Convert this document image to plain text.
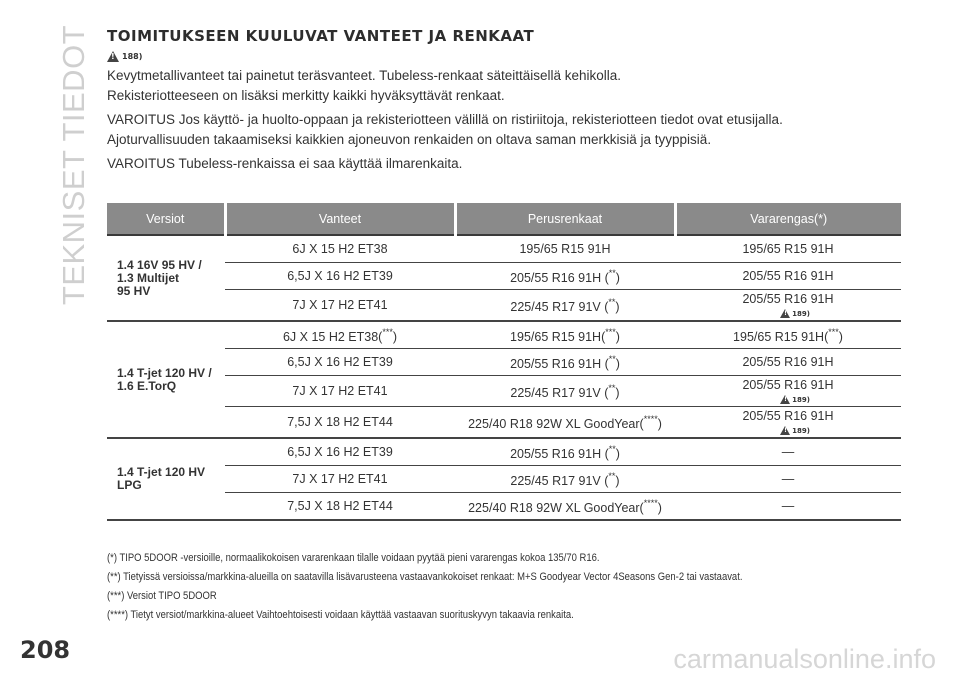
TEKNISET TIEDOT TOIMITUKSEEN KUULUVAT VANTEET JA RENKAAT
!
188)

Kevytmetallivanteet tai painetut teräsvanteet. Tubeless-renkaat säteittäisellä kehikolla.
Rekisteriotteeseen on lisäksi merkitty kaikki hyväksyttävät renkaat.

VAROITUS Jos käyttö- ja huolto-oppaan ja rekisteriotteen välillä on ristiriitoja, rekisteriotteen tiedot ovat etusijalla.
Ajoturvallisuuden takaamiseksi kaikkien ajoneuvon renkaiden on oltava saman merkkisiä ja tyyppisiä.

VAROITUS Tubeless-renkaissa ei saa käyttää ilmarenkaita.

Versiot	Vanteet	Perusrenkaat	Vararengas(*)
1.4 16V 95 HV /
1.3 Multijet
95 HV	6J X 15 H2 ET38	195/65 R15 91H	195/65 R15 91H
	6,5J X 16 H2 ET39	205/55 R16 91H (**)	205/55 R16 91H
	7J X 17 H2 ET41	225/45 R17 91V (**)	205/55 R16 91H
!
189)

1.4 T-jet 120 HV /
1.6 E.TorQ	6J X 15 H2 ET38(***)	195/65 R15 91H(***)	195/65 R15 91H(***)
	6,5J X 16 H2 ET39	205/55 R16 91H (**)	205/55 R16 91H
	7J X 17 H2 ET41	225/45 R17 91V (**)	205/55 R16 91H
!
189)

	7,5J X 18 H2 ET44	225/40 R18 92W XL GoodYear(****)	205/55 R16 91H
!
189)

1.4 T-jet 120 HV
LPG	6,5J X 16 H2 ET39	205/55 R16 91H (**)	—
	7J X 17 H2 ET41	225/45 R17 91V (**)	—
	7,5J X 18 H2 ET44	225/40 R18 92W XL GoodYear(****)	—

(*) TIPO 5DOOR -versioille, normaalikokoisen vararenkaan tilalle voidaan pyytää pieni vararengas kokoa 135/70 R16.

(**) Tietyissä versioissa/markkina-alueilla on saatavilla lisävarusteena vastaavankokoiset renkaat: M+S Goodyear Vector 4Seasons Gen-2 tai vastaavat.

(***) Versiot TIPO 5DOOR

(****) Tietyt versiot/markkina-alueet Vaihtoehtoisesti voidaan käyttää vastaavan suorituskyvyn takaavia renkaita.

208	carmanualsonline.info
